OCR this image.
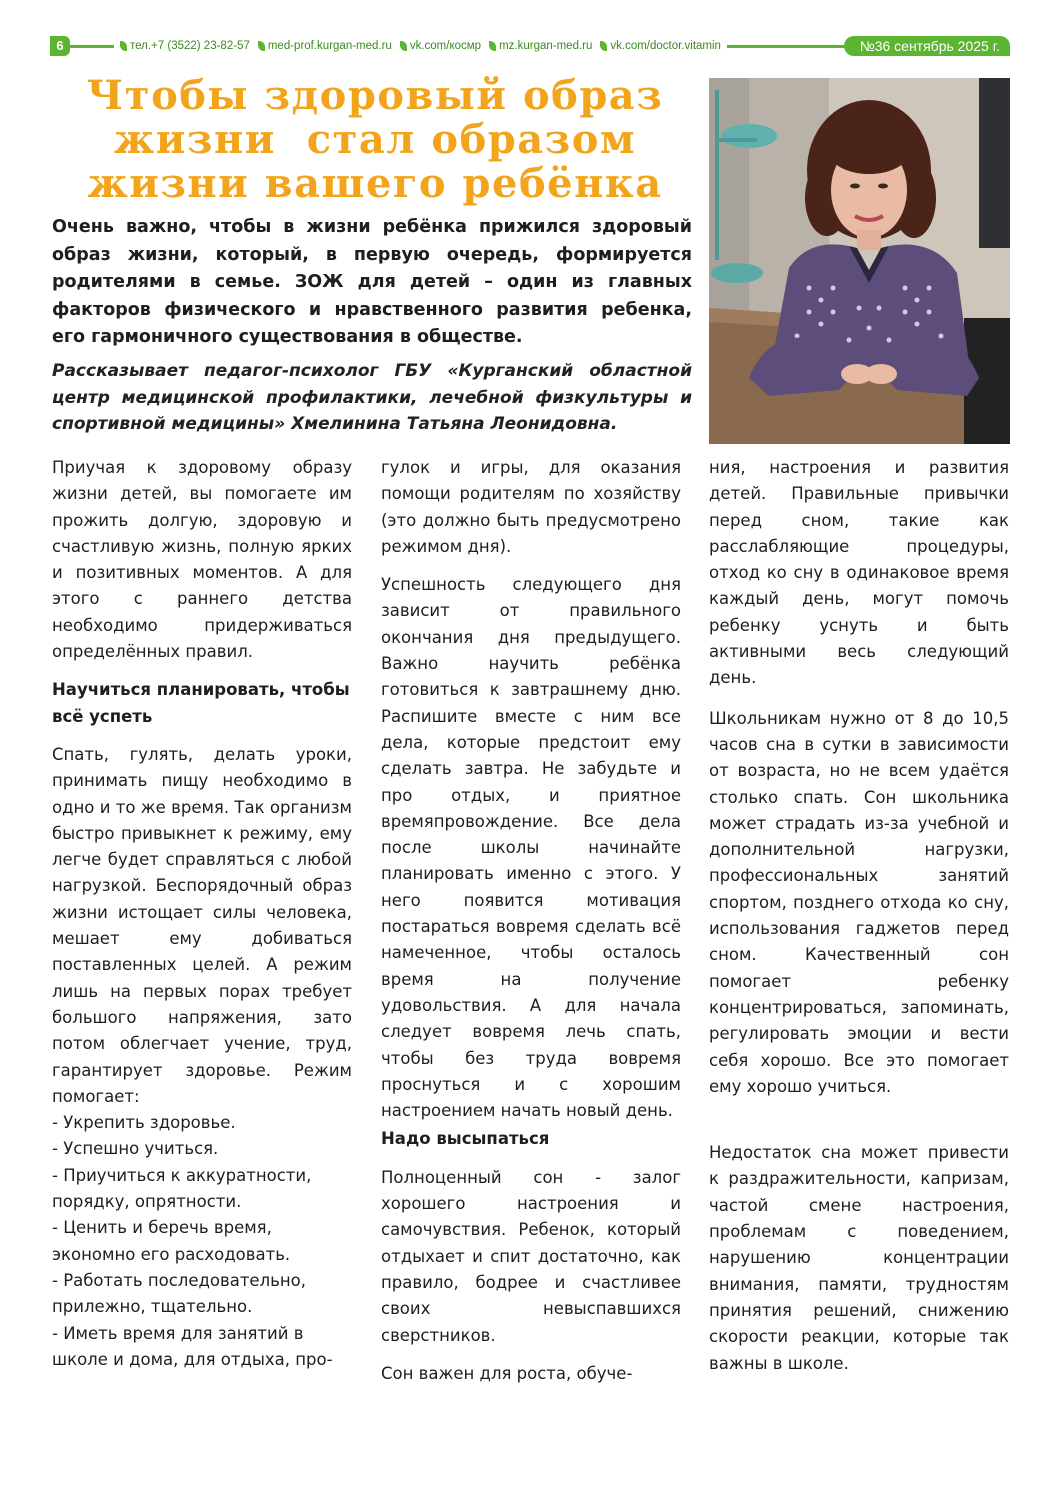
6	тел.+7 (3522) 23-82-57 med-prof.kurgan-med.ru vk.com/космр mz.kurgan-med.ru vk.com/doctor.vitamin	№36 сентябрь 2025 г.
Чтобы здоровый образ
жизни  стал образом
жизни вашего ребёнка

Очень важно, чтобы в жизни ребёнка прижился здоровый образ жизни, который, в первую очередь, формируется родителями в семье. ЗОЖ для детей – один из главных факторов физического и нравственного развития ребенка, его гармоничного существования в обществе.

Рассказывает педагог-психолог ГБУ «Курганский областной центр медицинской профилактики, лечебной физкультуры и спортивной медицины» Хмелинина Татьяна Леонидовна.

Приучая к здоровому образу жизни детей, вы помогаете им прожить долгую, здоровую и счастливую жизнь, полную ярких и позитивных моментов. А для этого с раннего детства необходимо придерживаться определённых правил.

Научиться планировать, чтобы всё успеть

Спать, гулять, делать уроки, принимать пищу необходимо в одно и то же время. Так организм быстро привыкнет к режиму, ему легче будет справляться с любой нагрузкой. Беспорядочный образ жизни истощает силы человека, мешает ему добиваться поставленных целей. А режим лишь на первых порах требует большого напряжения, зато потом облегчает учение, труд, гарантирует здоровье. Режим помогает:

- Укрепить здоровье.
- Успешно учиться.
- Приучиться к аккуратности, порядку, опрятности.
- Ценить и беречь время, экономно его расходовать.
- Работать последовательно, прилежно, тщательно.
- Иметь время для занятий в школе и дома, для отдыха, про-

гулок и игры, для оказания помощи родителям по хозяйству (это должно быть предусмотрено режимом дня).

Успешность следующего дня зависит от правильного окончания дня предыдущего. Важно научить ребёнка готовиться к завтрашнему дню. Распишите вместе с ним все дела, которые предстоит ему сделать завтра. Не забудьте и про отдых, и приятное времяпровождение. Все дела после школы начинайте планировать именно с этого. У него появится мотивация постараться вовремя сделать всё намеченное, чтобы осталось время на получение удовольствия. А для начала следует вовремя лечь спать, чтобы без труда вовремя проснуться и с хорошим настроением начать новый день.

Надо высыпаться

Полноценный сон - залог хорошего настроения и самочувствия. Ребенок, который отдыхает и спит достаточно, как правило, бодрее и счастливее своих невыспавшихся сверстников.

Сон важен для роста, обуче-

ния, настроения и развития детей. Правильные привычки перед сном, такие как расслабляющие процедуры, отход ко сну в одинаковое время каждый день, могут помочь ребенку уснуть и быть активными весь следующий день.

Школьникам нужно от 8 до 10,5 часов сна в сутки в зависимости от возраста, но не всем удаётся столько спать. Сон школьника может страдать из-за учебной и дополнительной нагрузки, профессиональных занятий спортом, позднего отхода ко сну, использования гаджетов перед сном. Качественный сон помогает ребенку концентрироваться, запоминать, регулировать эмоции и вести себя хорошо. Все это помогает ему хорошо учиться.

Недостаток сна может привести к раздражительности, капризам, частой смене настроения, проблемам с поведением, нарушению концентрации внимания, памяти, трудностям принятия решений, снижению скорости реакции, которые так важны в школе.
